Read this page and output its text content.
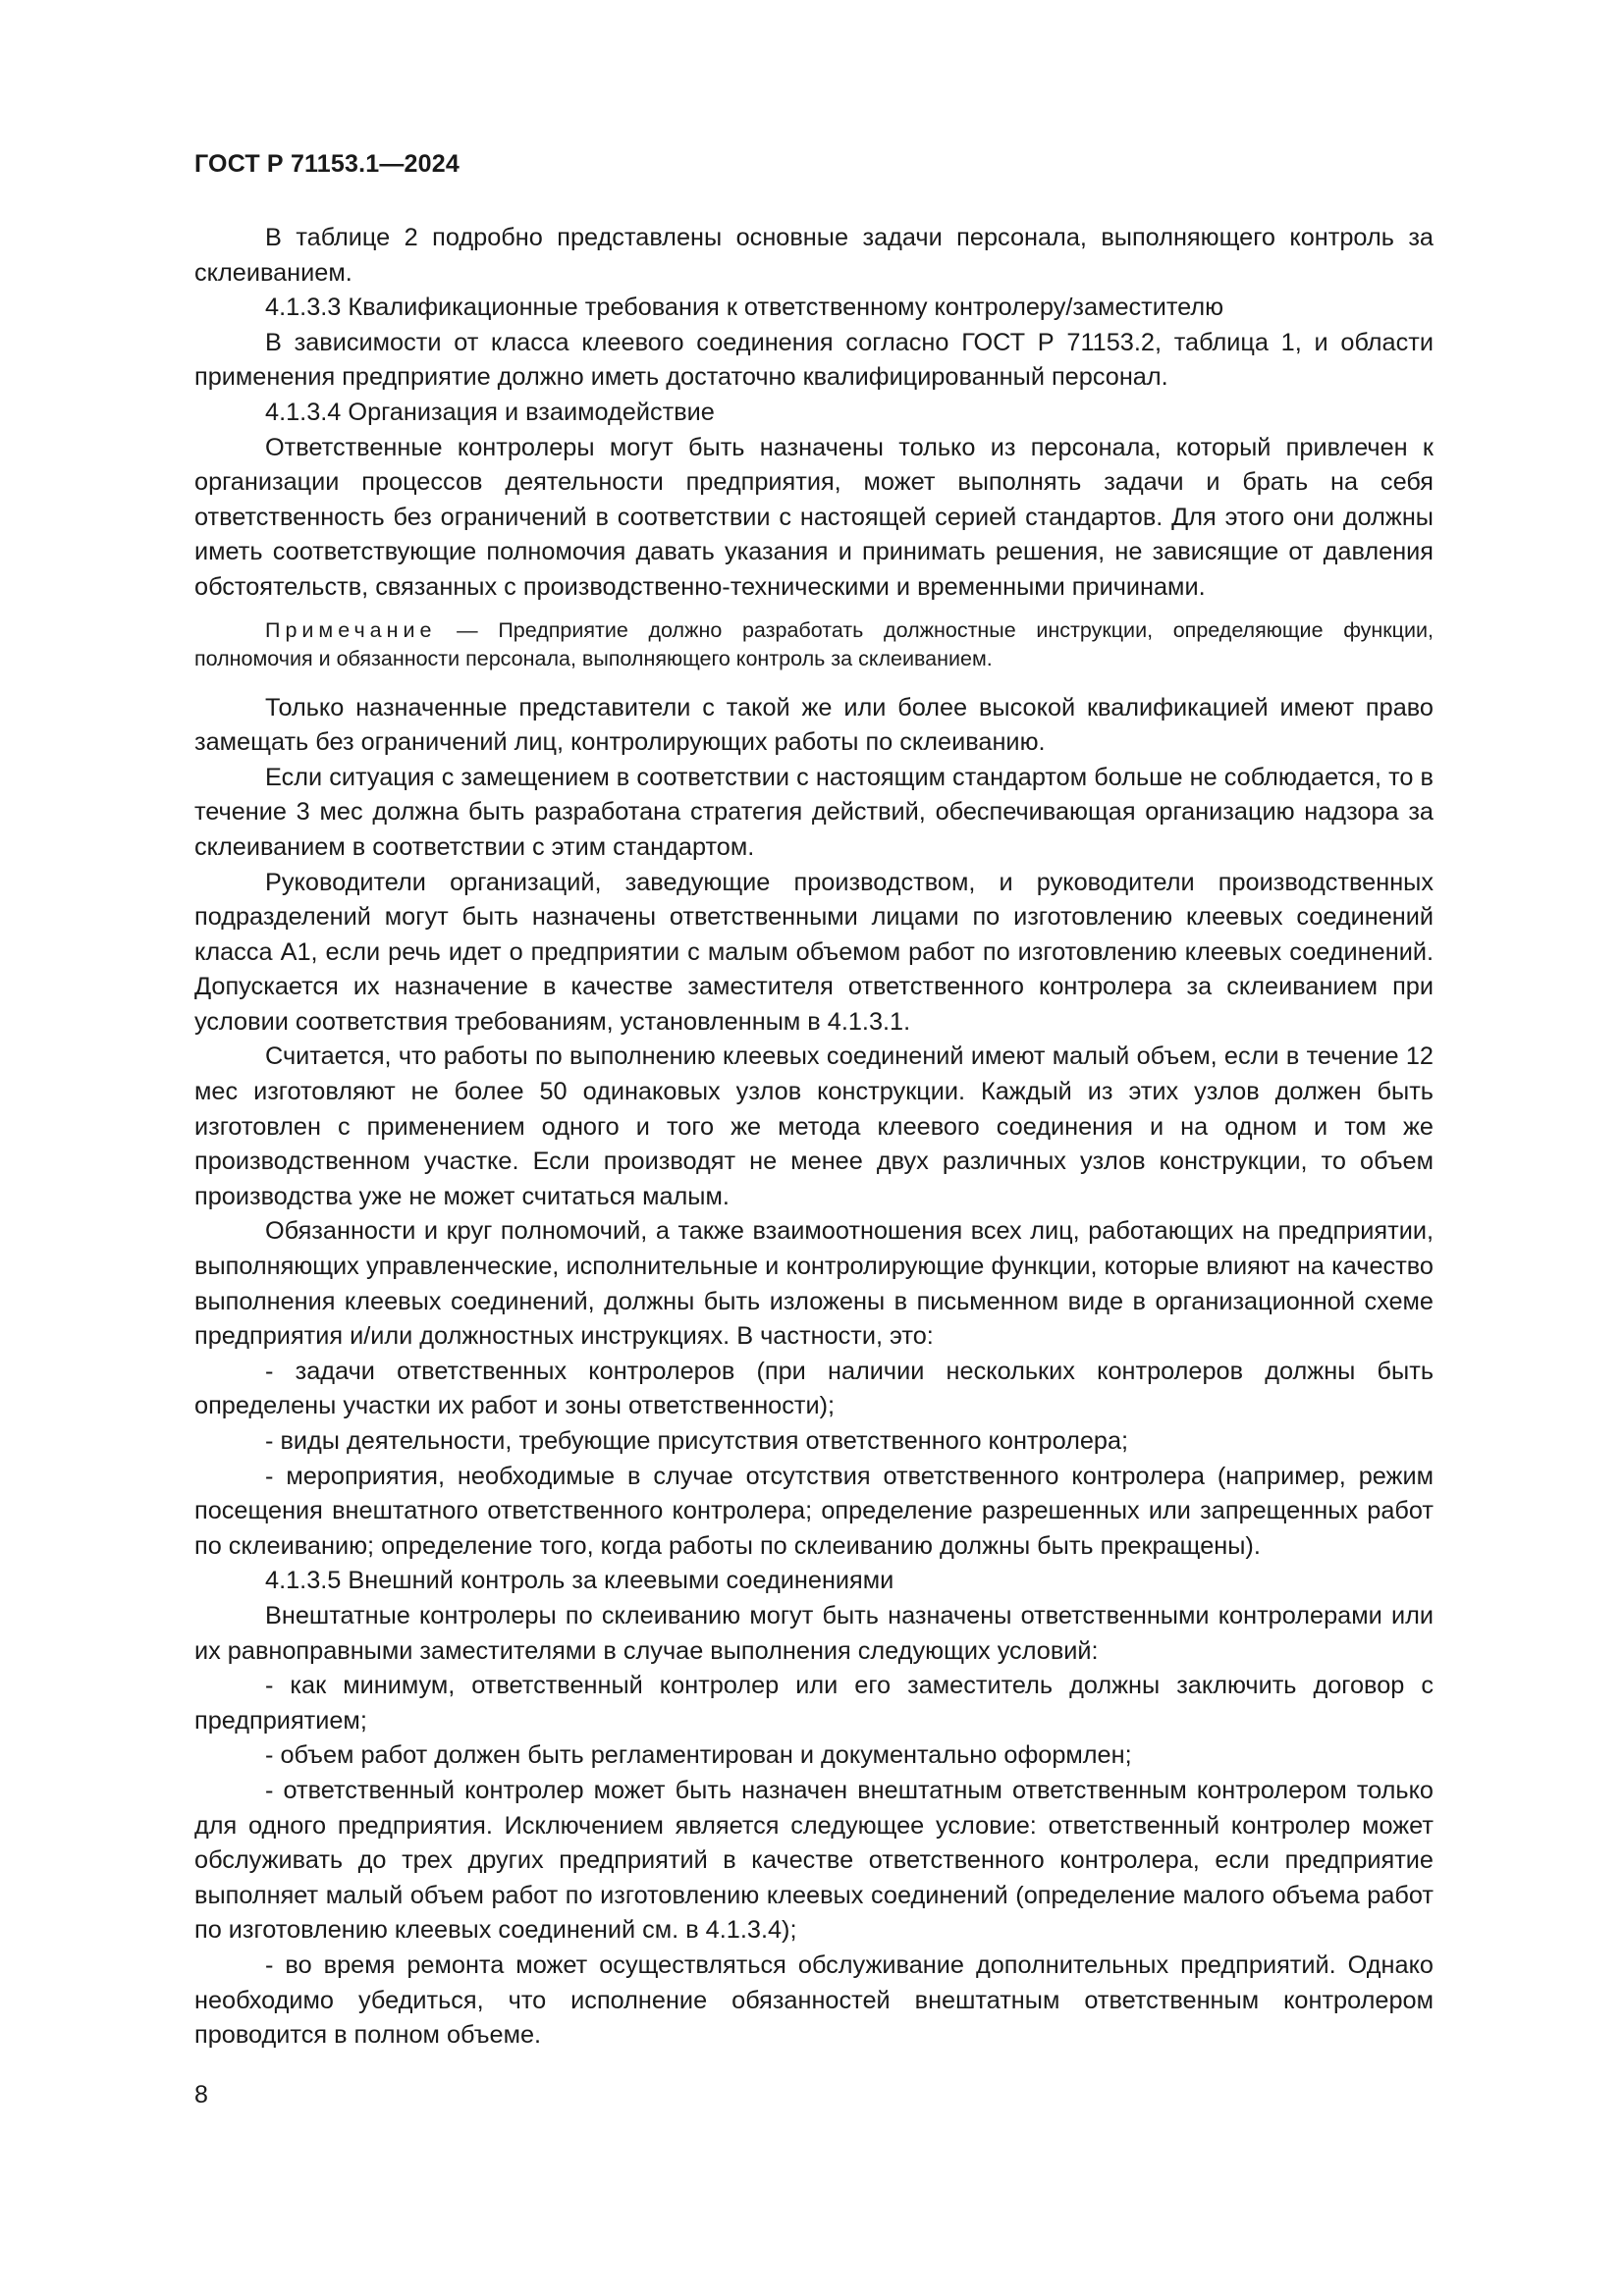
ГОСТ Р 71153.1—2024

В таблице 2 подробно представлены основные задачи персонала, выполняющего контроль за склеиванием.

4.1.3.3 Квалификационные требования к ответственному контролеру/заместителю

В зависимости от класса клеевого соединения согласно ГОСТ Р 71153.2, таблица 1, и области применения предприятие должно иметь достаточно квалифицированный персонал.

4.1.3.4 Организация и взаимодействие

Ответственные контролеры могут быть назначены только из персонала, который привлечен к организации процессов деятельности предприятия, может выполнять задачи и брать на себя ответственность без ограничений в соответствии с настоящей серией стандартов. Для этого они должны иметь соответствующие полномочия давать указания и принимать решения, не зависящие от давления обстоятельств, связанных с производственно-техническими и временными причинами.

Примечание — Предприятие должно разработать должностные инструкции, определяющие функции, полномочия и обязанности персонала, выполняющего контроль за склеиванием.

Только назначенные представители с такой же или более высокой квалификацией имеют право замещать без ограничений лиц, контролирующих работы по склеиванию.

Если ситуация с замещением в соответствии с настоящим стандартом больше не соблюдается, то в течение 3 мес должна быть разработана стратегия действий, обеспечивающая организацию надзора за склеиванием в соответствии с этим стандартом.

Руководители организаций, заведующие производством, и руководители производственных подразделений могут быть назначены ответственными лицами по изготовлению клеевых соединений класса А1, если речь идет о предприятии с малым объемом работ по изготовлению клеевых соединений. Допускается их назначение в качестве заместителя ответственного контролера за склеиванием при условии соответствия требованиям, установленным в 4.1.3.1.

Считается, что работы по выполнению клеевых соединений имеют малый объем, если в течение 12 мес изготовляют не более 50 одинаковых узлов конструкции. Каждый из этих узлов должен быть изготовлен с применением одного и того же метода клеевого соединения и на одном и том же производственном участке. Если производят не менее двух различных узлов конструкции, то объем производства уже не может считаться малым.

Обязанности и круг полномочий, а также взаимоотношения всех лиц, работающих на предприятии, выполняющих управленческие, исполнительные и контролирующие функции, которые влияют на качество выполнения клеевых соединений, должны быть изложены в письменном виде в организационной схеме предприятия и/или должностных инструкциях. В частности, это:

- задачи ответственных контролеров (при наличии нескольких контролеров должны быть определены участки их работ и зоны ответственности);

- виды деятельности, требующие присутствия ответственного контролера;

- мероприятия, необходимые в случае отсутствия ответственного контролера (например, режим посещения внештатного ответственного контролера; определение разрешенных или запрещенных работ по склеиванию; определение того, когда работы по склеиванию должны быть прекращены).

4.1.3.5 Внешний контроль за клеевыми соединениями

Внештатные контролеры по склеиванию могут быть назначены ответственными контролерами или их равноправными заместителями в случае выполнения следующих условий:

- как минимум, ответственный контролер или его заместитель должны заключить договор с предприятием;

- объем работ должен быть регламентирован и документально оформлен;

- ответственный контролер может быть назначен внештатным ответственным контролером только для одного предприятия. Исключением является следующее условие: ответственный контролер может обслуживать до трех других предприятий в качестве ответственного контролера, если предприятие выполняет малый объем работ по изготовлению клеевых соединений (определение малого объема работ по изготовлению клеевых соединений см. в 4.1.3.4);

- во время ремонта может осуществляться обслуживание дополнительных предприятий. Однако необходимо убедиться, что исполнение обязанностей внештатным ответственным контролером проводится в полном объеме.

8
